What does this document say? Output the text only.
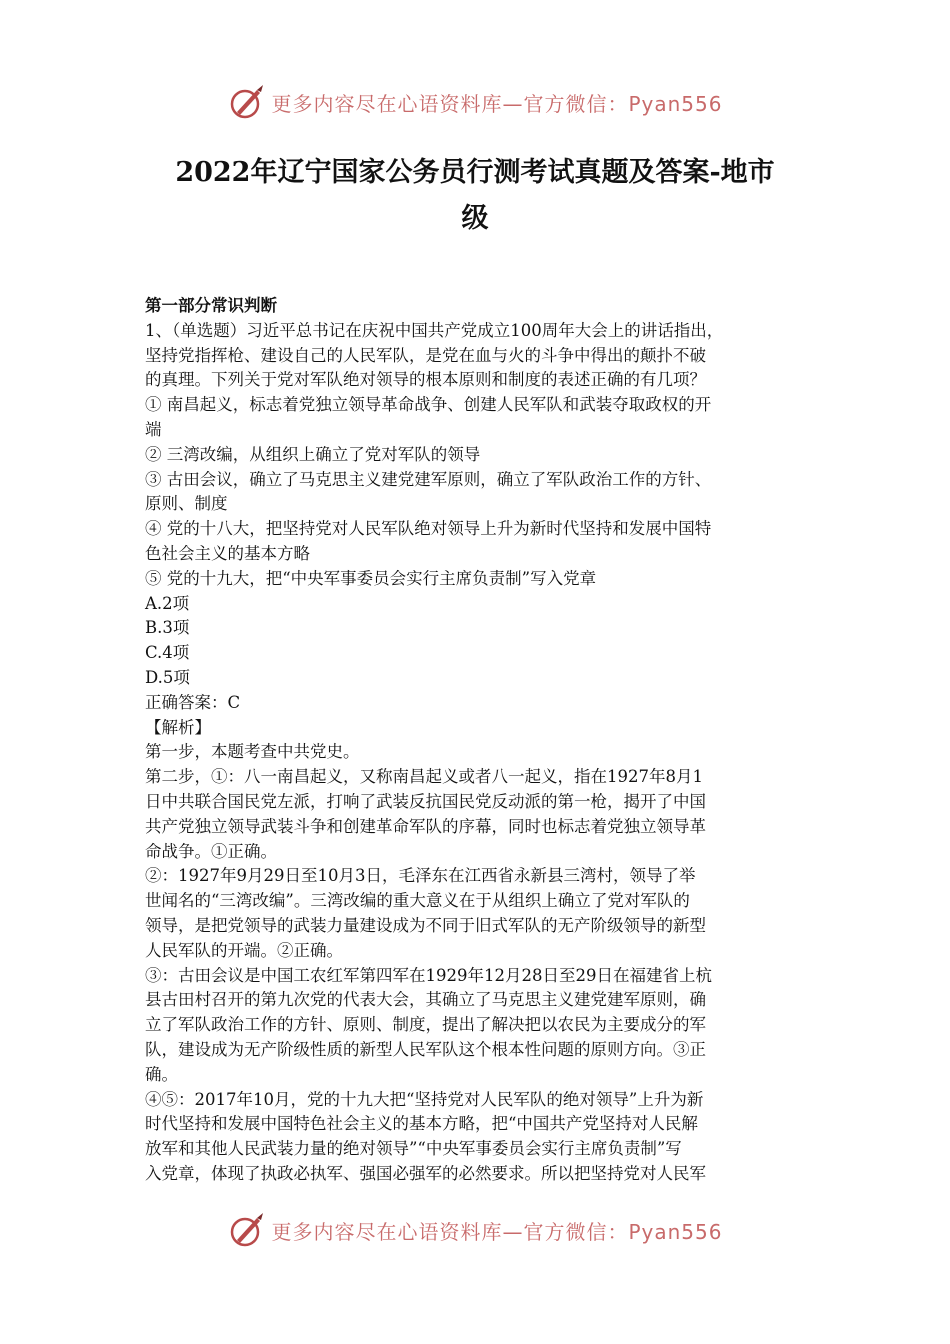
更多内容尽在心语资料库—官方微信：Pyan556
2022年辽宁国家公务员行测考试真题及答案-地市
级

第一部分常识判断

1、（单选题）习近平总书记在庆祝中国共产党成立100周年大会上的讲话指出，

坚持党指挥枪、建设自己的人民军队，是党在血与火的斗争中得出的颠扑不破

的真理。下列关于党对军队绝对领导的根本原则和制度的表述正确的有几项？

① 南昌起义，标志着党独立领导革命战争、创建人民军队和武装夺取政权的开

端

② 三湾改编，从组织上确立了党对军队的领导

③ 古田会议，确立了马克思主义建党建军原则，确立了军队政治工作的方针、

原则、制度

④ 党的十八大，把坚持党对人民军队绝对领导上升为新时代坚持和发展中国特

色社会主义的基本方略

⑤ 党的十九大，把“中央军事委员会实行主席负责制”写入党章

A.2项

B.3项

C.4项

D.5项

正确答案：C

【解析】

第一步，本题考查中共党史。

第二步，①：八一南昌起义，又称南昌起义或者八一起义，指在1927年8月1

日中共联合国民党左派，打响了武装反抗国民党反动派的第一枪，揭开了中国

共产党独立领导武装斗争和创建革命军队的序幕，同时也标志着党独立领导革

命战争。①正确。

②：1927年9月29日至10月3日，毛泽东在江西省永新县三湾村，领导了举

世闻名的“三湾改编”。三湾改编的重大意义在于从组织上确立了党对军队的

领导，是把党领导的武装力量建设成为不同于旧式军队的无产阶级领导的新型

人民军队的开端。②正确。

③：古田会议是中国工农红军第四军在1929年12月28日至29日在福建省上杭

县古田村召开的第九次党的代表大会，其确立了马克思主义建党建军原则，确

立了军队政治工作的方针、原则、制度，提出了解决把以农民为主要成分的军

队，建设成为无产阶级性质的新型人民军队这个根本性问题的原则方向。③正

确。

④⑤：2017年10月，党的十九大把“坚持党对人民军队的绝对领导”上升为新

时代坚持和发展中国特色社会主义的基本方略，把“中国共产党坚持对人民解

放军和其他人民武装力量的绝对领导”“中央军事委员会实行主席负责制”写

入党章，体现了执政必执军、强国必强军的必然要求。所以把坚持党对人民军

更多内容尽在心语资料库—官方微信：Pyan556
